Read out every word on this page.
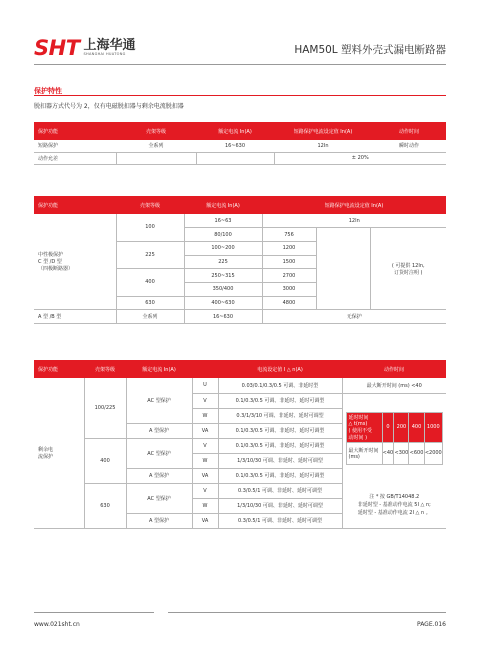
SHT 上海华通
SHANGHAI HUATONG	HAM50L 塑料外壳式漏电断路器
保护特性
脱扣器方式代号为 2，仅有电磁脱扣器与剩余电流脱扣器
保护功能	壳架等级	额定电流 In(A)	短路保护电流设定值 In(A)	动作时间
短路保护	全系列	16~630	12In	瞬时动作
动作允差			± 20%	
保护功能	壳架等级	额定电流 In(A)	短路保护电流设定值 In(A)		
中性极保护
C 型 /D 型
（四极断路器）	100	16~63	12In		
		80/100	756		( 可提供 12In,
订货时注明 )
	225	100~200	1200		
		225	1500		
	400	250~315	2700		
		350/400	3000		
	630	400~630	4800		
A 型 /B 型	全系列	16~630	无保护		
保护功能	壳架等级	额定电流 In(A)		电流设定值 I △ n(A)	动作时间
剩余电
流保护	100/225	AC 型保护	U	0.03/0.1/0.3/0.5 可调、非延时型	最大断开时间 (ms) <40
V	0.1/0.3/0.5 可调、非延时、延时可调型	
W	0.3/1/3/10 可调、非延时、延时可调型		延时时间
△ t(ms)
( 使用不受
动时间 )	0	200	400	1000
最大断开时间
(ms)	<40	<300	<600	<2000

A 型保护	VA	0.1/0.3/0.5 可调、非延时、延时可调型
400	AC 型保护	V	0.1/0.3/0.5 可调、非延时、延时可调型
W	1/3/10/30 可调、非延时、延时可调型
A 型保护	VA	0.1/0.3/0.5 可调、非延时、延时可调型	
630	AC 型保护	V	0.3/0.5/1 可调、非延时、延时可调型	注 * 按 GB/T14048.2
非延时型 - 基准动作电流 5I △ n;
延时型 - 基准动作电流 2I △ n 。
W	1/3/10/30 可调、非延时、延时可调型
A 型保护	VA	0.3/0.5/1 可调、非延时、延时可调型
www.021sht.cn	PAGE.016
